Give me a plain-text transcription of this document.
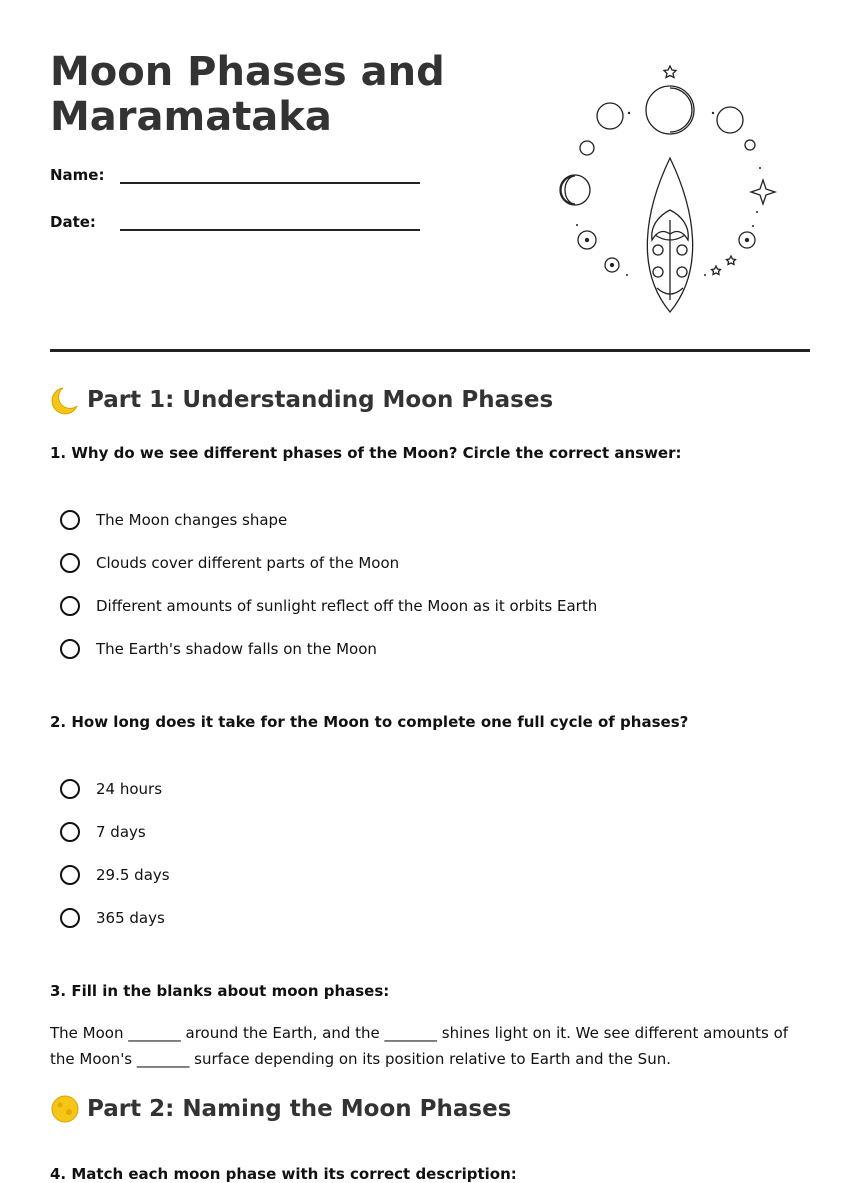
Moon Phases and Maramataka
Name:
Date:
Part 1: Understanding Moon Phases

1. Why do we see different phases of the Moon? Circle the correct answer:

The Moon changes shape
Clouds cover different parts of the Moon
Different amounts of sunlight reflect off the Moon as it orbits Earth
The Earth's shadow falls on the Moon

2. How long does it take for the Moon to complete one full cycle of phases?

24 hours
7 days
29.5 days
365 days

3. Fill in the blanks about moon phases:

The Moon _______ around the Earth, and the _______ shines light on it. We see different amounts of the Moon's _______ surface depending on its position relative to Earth and the Sun.

Part 2: Naming the Moon Phases

4. Match each moon phase with its correct description:
